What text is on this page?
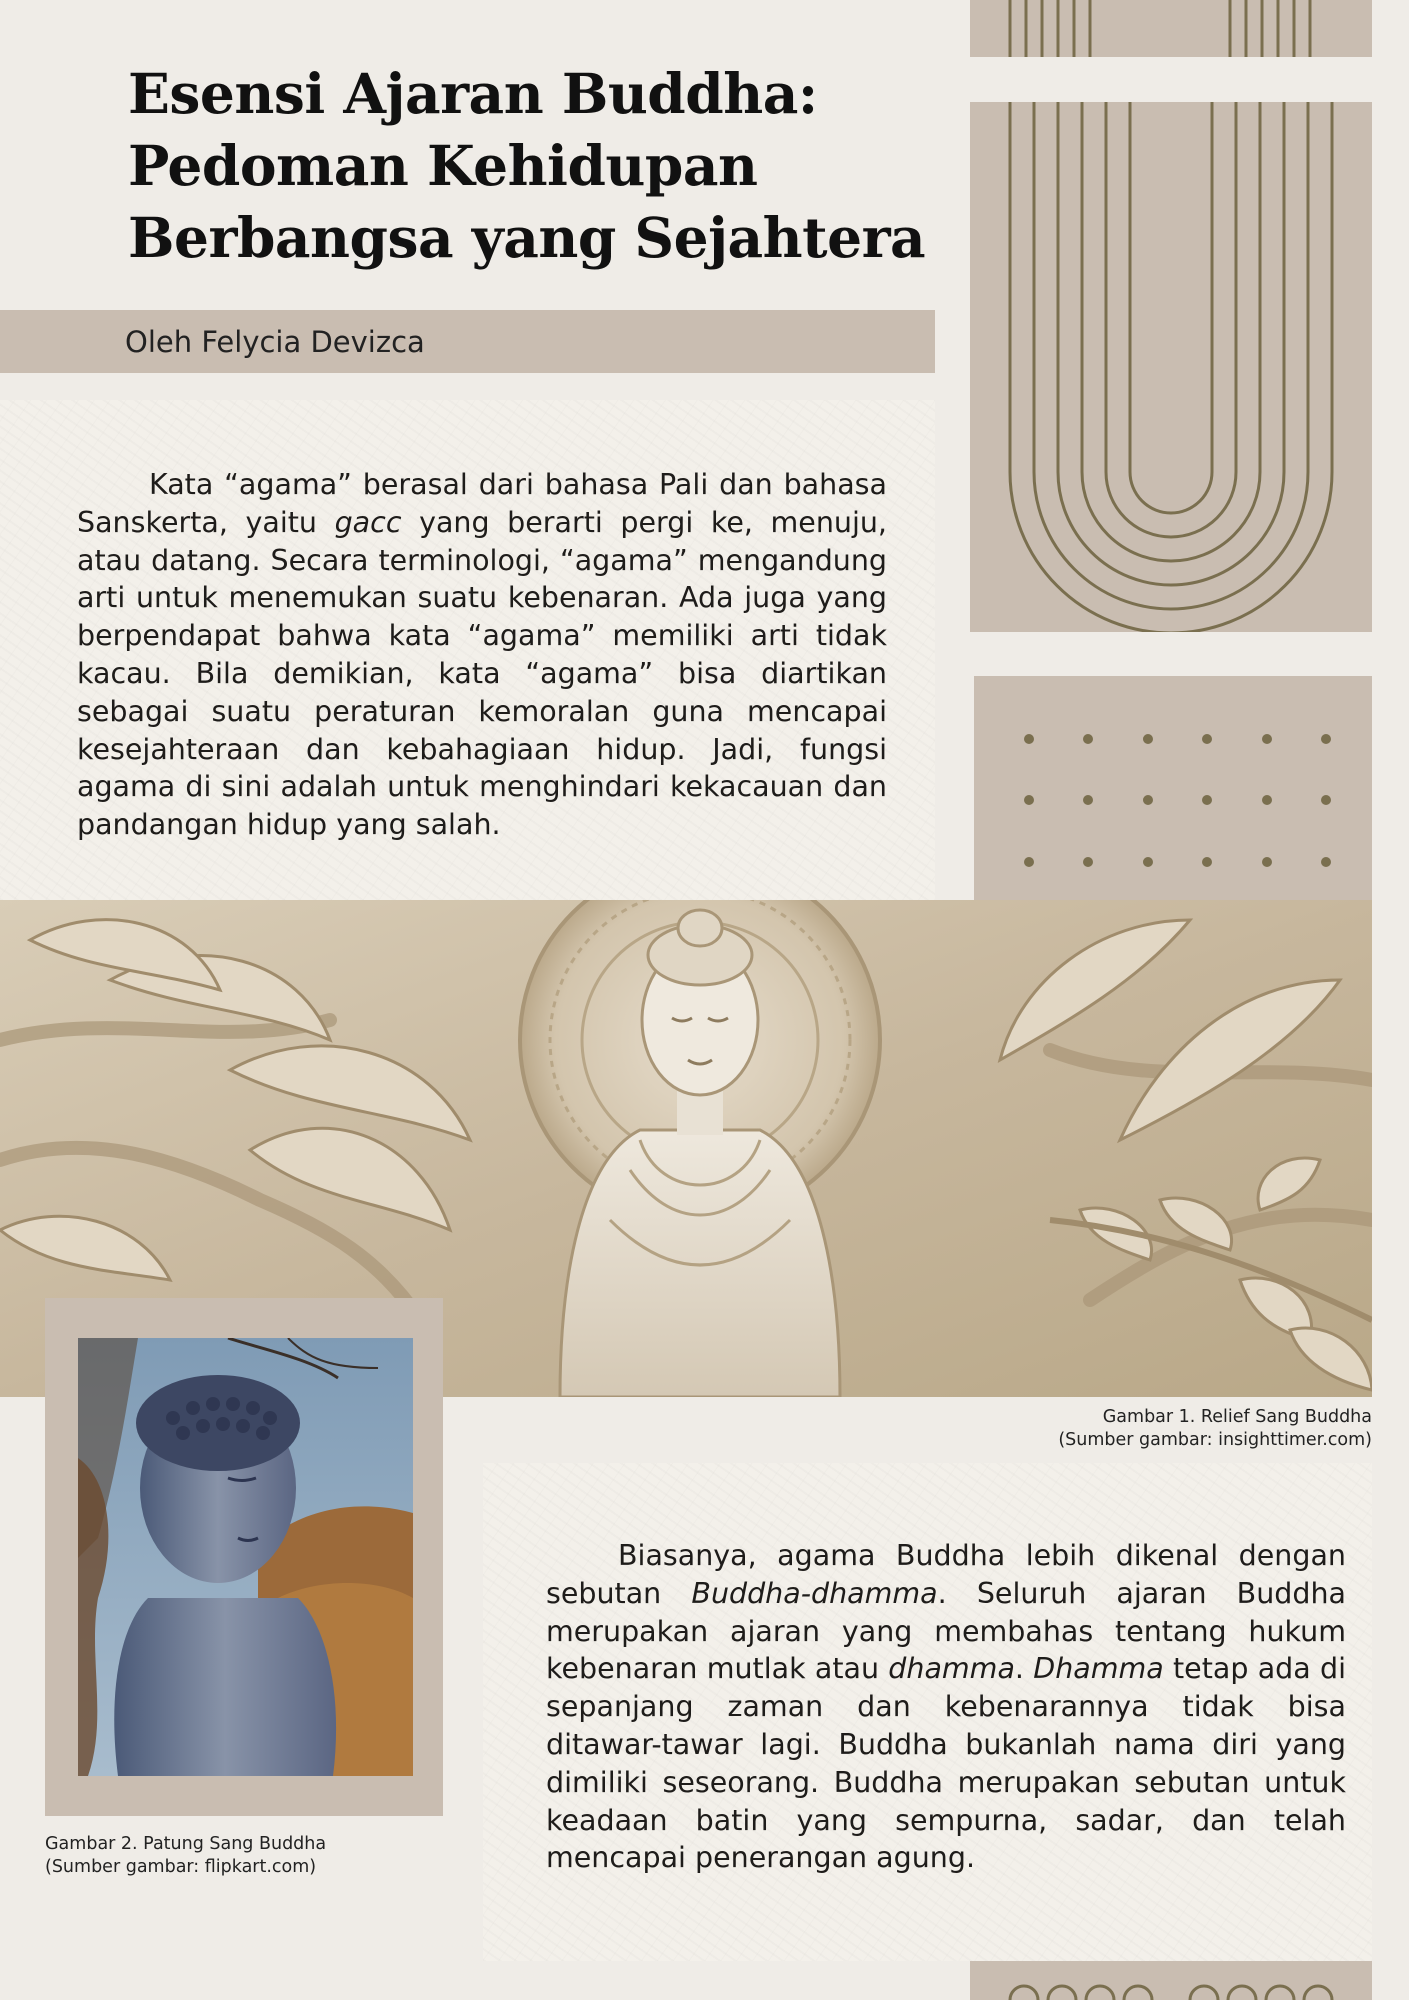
Esensi Ajaran Buddha:
Pedoman Kehidupan
Berbangsa yang Sejahtera
Oleh Felycia Devizca

Kata “agama” berasal dari bahasa Pali dan bahasa Sanskerta, yaitu gacc yang berarti pergi ke, menuju, atau datang. Secara terminologi, “agama” mengandung arti untuk menemukan suatu kebenaran. Ada juga yang berpendapat bahwa kata “agama” memiliki arti tidak kacau. Bila demikian, kata “agama” bisa diartikan sebagai suatu peraturan kemoralan guna mencapai kesejahteraan dan kebahagiaan hidup. Jadi, fungsi agama di sini adalah untuk menghindari kekacauan dan pandangan hidup yang salah.

Gambar 1. Relief Sang Buddha
(Sumber gambar: insighttimer.com)
Gambar 2. Patung Sang Buddha
(Sumber gambar: flipkart.com)

Biasanya, agama Buddha lebih dikenal dengan sebutan Buddha-dhamma. Seluruh ajaran Buddha merupakan ajaran yang membahas tentang hukum kebenaran mutlak atau dhamma. Dhamma tetap ada di sepanjang zaman dan kebenarannya tidak bisa ditawar-tawar lagi. Buddha bukanlah nama diri yang dimiliki seseorang. Buddha merupakan sebutan untuk keadaan batin yang sempurna, sadar, dan telah mencapai penerangan agung.
